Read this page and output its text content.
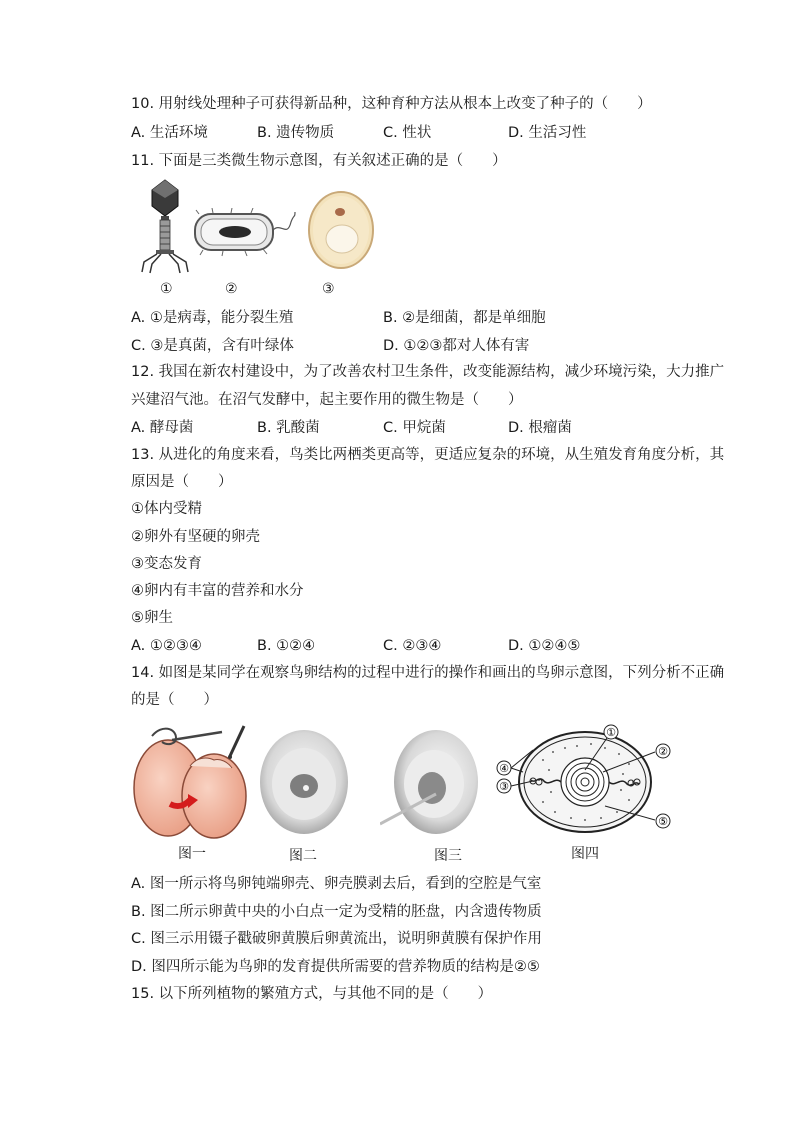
10. 用射线处理种子可获得新品种，这种育种方法从根本上改变了种子的（　　）
A. 生活环境	B. 遗传物质	C. 性状	D. 生活习性
11. 下面是三类微生物示意图，有关叙述正确的是（　　）
①	②	③
A. ①是病毒，能分裂生殖	B. ②是细菌，都是单细胞
C. ③是真菌，含有叶绿体	D. ①②③都对人体有害
12. 我国在新农村建设中，为了改善农村卫生条件，改变能源结构，减少环境污染，大力推广
兴建沼气池。在沼气发酵中，起主要作用的微生物是（　　）
A. 酵母菌	B. 乳酸菌	C. 甲烷菌	D. 根瘤菌
13. 从进化的角度来看，鸟类比两栖类更高等，更适应复杂的环境，从生殖发育角度分析，其
原因是（　　）
①体内受精
②卵外有坚硬的卵壳
③变态发育
④卵内有丰富的营养和水分
⑤卵生
A. ①②③④	B. ①②④	C. ②③④	D. ①②④⑤
14. 如图是某同学在观察鸟卵结构的过程中进行的操作和画出的鸟卵示意图，下列分析不正确
的是（　　）
①
②
③
④
⑤
图一	图二	图三	图四
A. 图一所示将鸟卵钝端卵壳、卵壳膜剥去后，看到的空腔是气室
B. 图二所示卵黄中央的小白点一定为受精的胚盘，内含遗传物质
C. 图三示用镊子戳破卵黄膜后卵黄流出，说明卵黄膜有保护作用
D. 图四所示能为鸟卵的发育提供所需要的营养物质的结构是②⑤
15. 以下所列植物的繁殖方式，与其他不同的是（　　）
